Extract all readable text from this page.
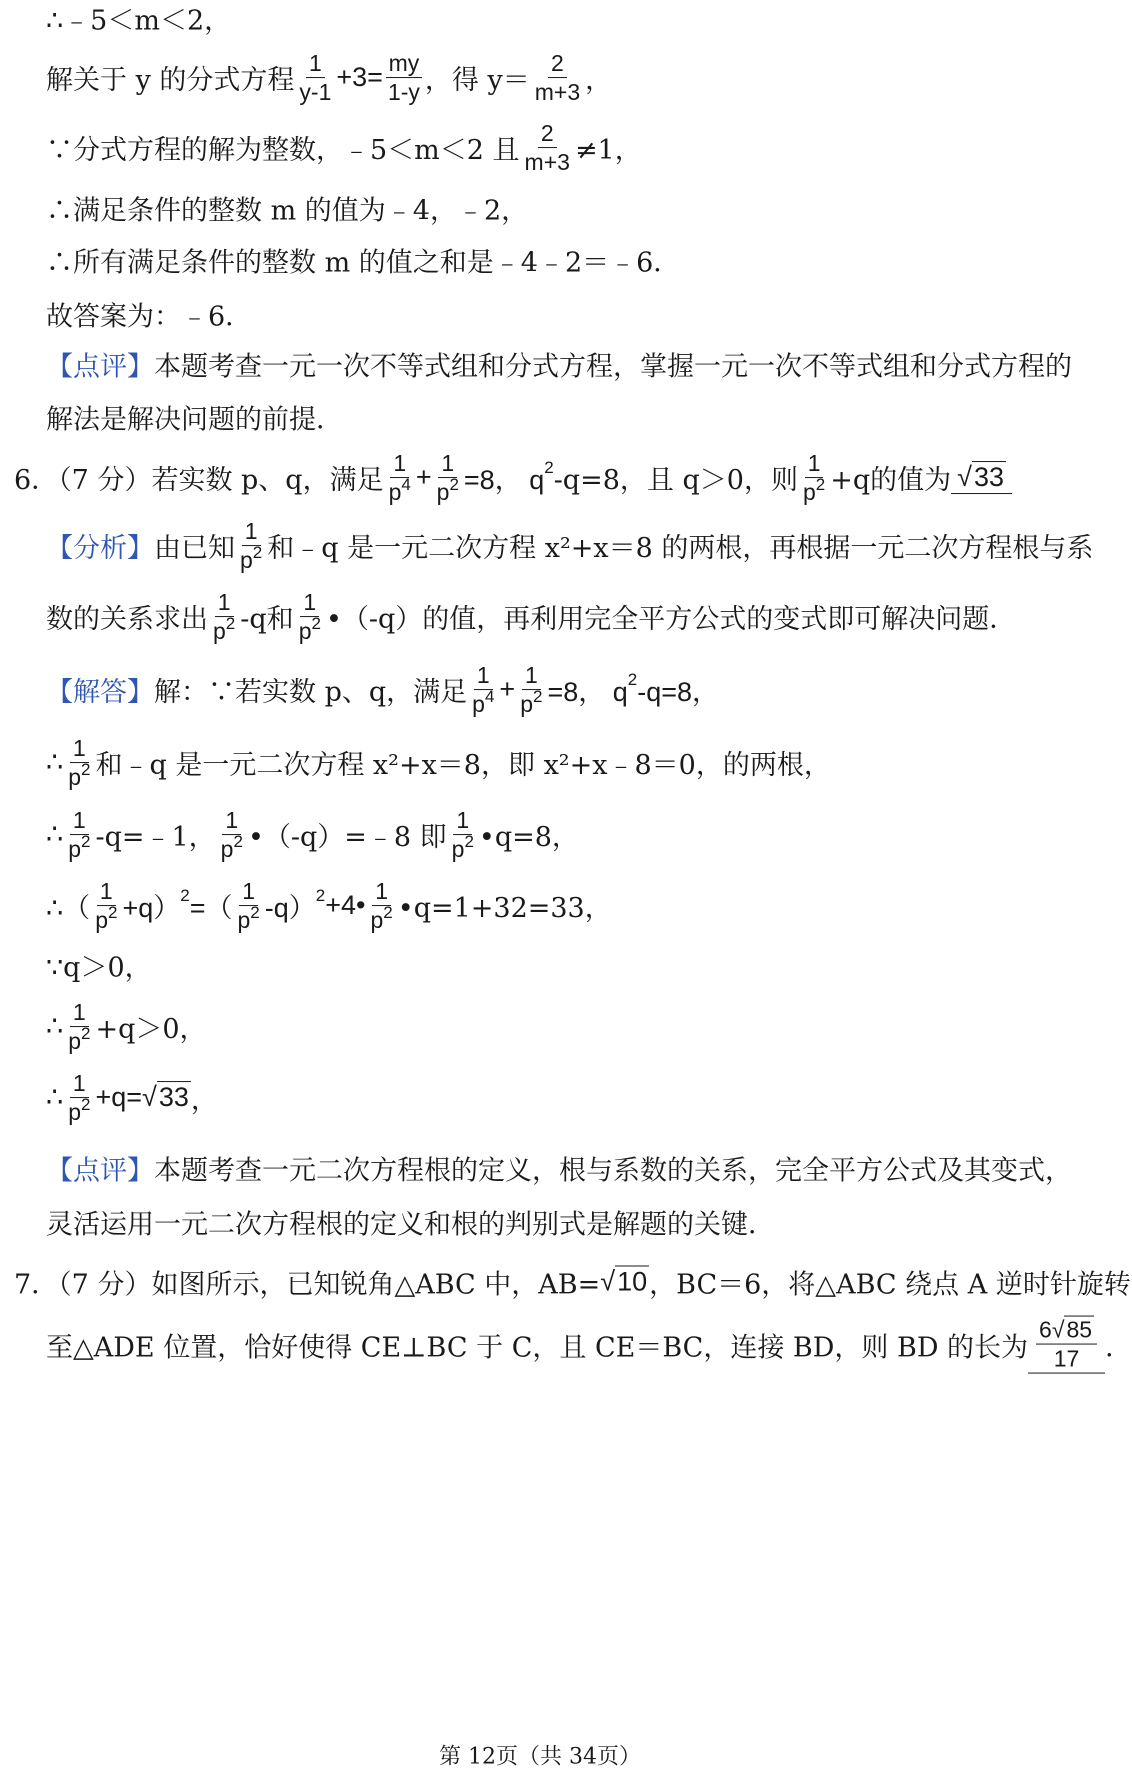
∴﹣5＜m＜2，
解关于 y 的分式方程
1
$y-1 +3= \frac{my}{1-y}$ ，得 y＝
2
m+3 ，
∵分式方程的解为整数，﹣5＜m＜2 且
2
m+3 ≠1，
∴满足条件的整数 m 的值为﹣4，﹣2，
∴所有满足条件的整数 m 的值之和是﹣4﹣2＝﹣6．
故答案为：﹣6．
【点评】 本题考查一元一次不等式组和分式方程，掌握一元一次不等式组和分式方程的
解法是解决问题的前提．
6．（7 分）若实数 p、q，满足
1
$p^4 + \frac{1}{p^2} =8$， q 2 -q=8，且 q＞0，则
1
$p^2 +q$的值为 √33
【分析】 由已知
1
$p^2$ 和﹣q 是一元二次方程 x²+x＝8 的两根，再根据一元二次方程根与系
数的关系求出
1
$p^2$ -q和
1
$p^2$ •（-q）的值，再利用完全平方公式的变式即可解决问题．
【解答】 解：∵若实数 p、q，满足
1
$p^4 + \frac{1}{p^2} =8$， q 2 -q=8，
∴ 1
$p^2$ 和﹣q 是一元二次方程 x²+x＝8，即 x²+x﹣8＝0，的两根，
∴ 1
$p^2$ -q=﹣1，
1
$p^2$ •（-q）=﹣8 即
1
$p^2$ •q=8，
∴（
1
$p^2 +q$） 2 =（
1
$p^2$ -q） 2 +4• 1
$p^2$ •q=1+32=33，
∵q＞0，
∴ 1
$p^2 +q>0$，
∴ 1
$p^2 +q= √33$ ，
【点评】 本题考查一元二次方程根的定义，根与系数的关系，完全平方公式及其变式，
灵活运用一元二次方程根的定义和根的判别式是解题的关键．
7．（7 分）如图所示，已知锐角△ABC 中，AB= √10 ，BC＝6，将△ABC 绕点 A 逆时针旋转
至△ADE 位置，恰好使得 CE⊥BC 于 C，且 CE＝BC，连接 BD，则 BD 的长为 $\frac{6√85}{17}$ ．
第 12页（共 34页）
